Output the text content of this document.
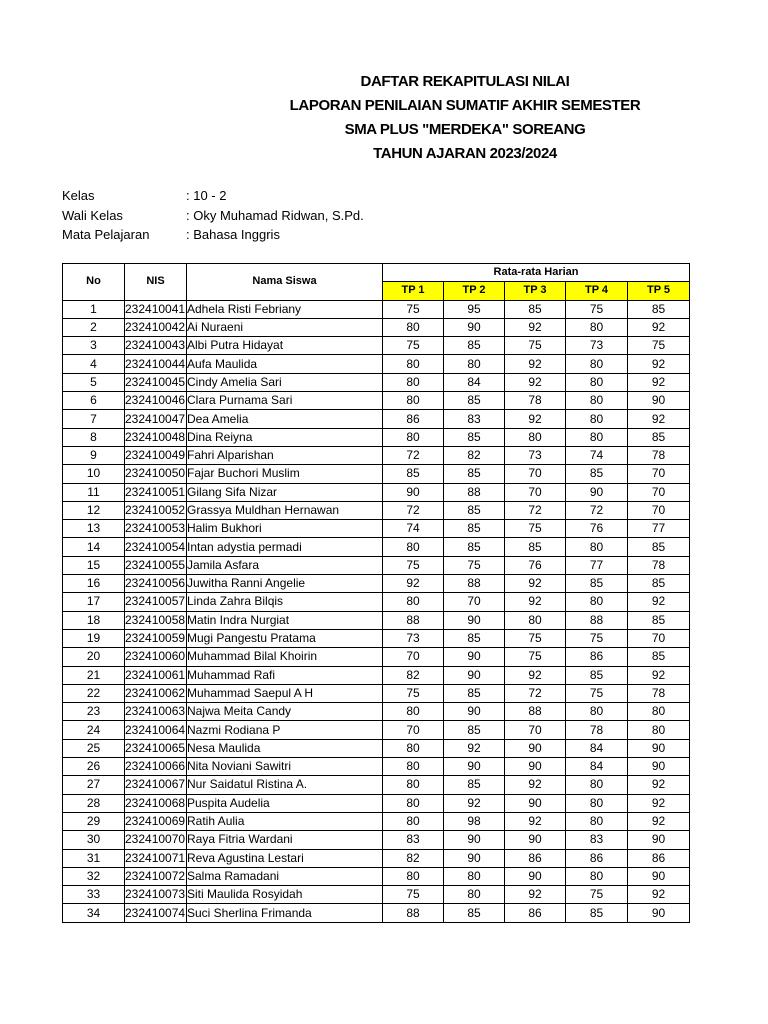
DAFTAR REKAPITULASI NILAI
LAPORAN PENILAIAN SUMATIF AKHIR SEMESTER
SMA PLUS "MERDEKA" SOREANG
TAHUN AJARAN 2023/2024
Kelas	: 10 - 2
Wali Kelas	: Oky Muhamad Ridwan, S.Pd.
Mata Pelajaran	: Bahasa Inggris
No	NIS	Nama Siswa	Rata-rata Harian				
			TP 1	TP 2	TP 3	TP 4	TP 5
1	232410041	Adhela Risti Febriany	75	95	85	75	85
2	232410042	Ai Nuraeni	80	90	92	80	92
3	232410043	Albi Putra Hidayat	75	85	75	73	75
4	232410044	Aufa Maulida	80	80	92	80	92
5	232410045	Cindy Amelia Sari	80	84	92	80	92
6	232410046	Clara Purnama Sari	80	85	78	80	90
7	232410047	Dea Amelia	86	83	92	80	92
8	232410048	Dina Reiyna	80	85	80	80	85
9	232410049	Fahri Alparishan	72	82	73	74	78
10	232410050	Fajar Buchori Muslim	85	85	70	85	70
11	232410051	Gilang Sifa Nizar	90	88	70	90	70
12	232410052	Grassya Muldhan Hernawan	72	85	72	72	70
13	232410053	Halim Bukhori	74	85	75	76	77
14	232410054	Intan adystia permadi	80	85	85	80	85
15	232410055	Jamila Asfara	75	75	76	77	78
16	232410056	Juwitha Ranni Angelie	92	88	92	85	85
17	232410057	Linda Zahra Bilqis	80	70	92	80	92
18	232410058	Matin Indra Nurgiat	88	90	80	88	85
19	232410059	Mugi Pangestu Pratama	73	85	75	75	70
20	232410060	Muhammad Bilal Khoirin	70	90	75	86	85
21	232410061	Muhammad Rafi	82	90	92	85	92
22	232410062	Muhammad Saepul A H	75	85	72	75	78
23	232410063	Najwa Meita Candy	80	90	88	80	80
24	232410064	Nazmi Rodiana P	70	85	70	78	80
25	232410065	Nesa Maulida	80	92	90	84	90
26	232410066	Nita Noviani Sawitri	80	90	90	84	90
27	232410067	Nur Saidatul Ristina A.	80	85	92	80	92
28	232410068	Puspita Audelia	80	92	90	80	92
29	232410069	Ratih Aulia	80	98	92	80	92
30	232410070	Raya Fitria Wardani	83	90	90	83	90
31	232410071	Reva Agustina Lestari	82	90	86	86	86
32	232410072	Salma Ramadani	80	80	90	80	90
33	232410073	Siti Maulida Rosyidah	75	80	92	75	92
34	232410074	Suci Sherlina Frimanda	88	85	86	85	90
